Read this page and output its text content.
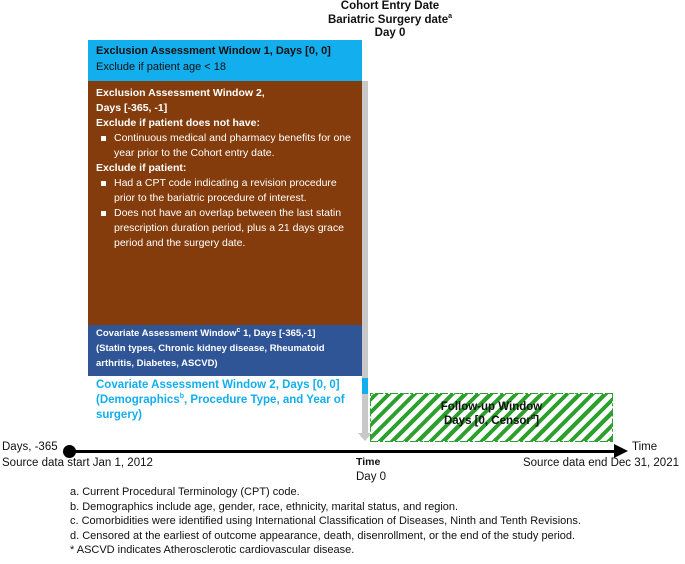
Cohort Entry Date
Bariatric Surgery date$^a$
Day 0
Exclusion Assessment Window 1, Days [0, 0] Exclude if patient age < 18
Exclusion Assessment Window 2,
Days [-365, -1]
Exclude if patient does not have:
Continuous medical and pharmacy benefits for one year prior to the Cohort entry date.
Exclude if patient:
Had a CPT code indicating a revision procedure prior to the bariatric procedure of interest.
Does not have an overlap between the last statin prescription duration period, plus a 21 days grace period and the surgery date.
Covariate Assessment Window$^c$ 1, Days [-365,-1]
(Statin types, Chronic kidney disease, Rheumatoid arthritis, Diabetes, ASCVD)
Covariate Assessment Window 2, Days [0, 0]
(Demographics$^b$, Procedure Type, and Year of surgery)
Follow-up Window
Days [0, Censor$^d$]
Days, -365
Source data start Jan 1, 2012	Time
Day 0
Time
Source data end Dec 31, 2021
a. Current Procedural Terminology (CPT) code.
b. Demographics include age, gender, race, ethnicity, marital status, and region.
c. Comorbidities were identified using International Classification of Diseases, Ninth and Tenth Revisions.
d. Censored at the earliest of outcome appearance, death, disenrollment, or the end of the study period.
* ASCVD indicates Atherosclerotic cardiovascular disease.
